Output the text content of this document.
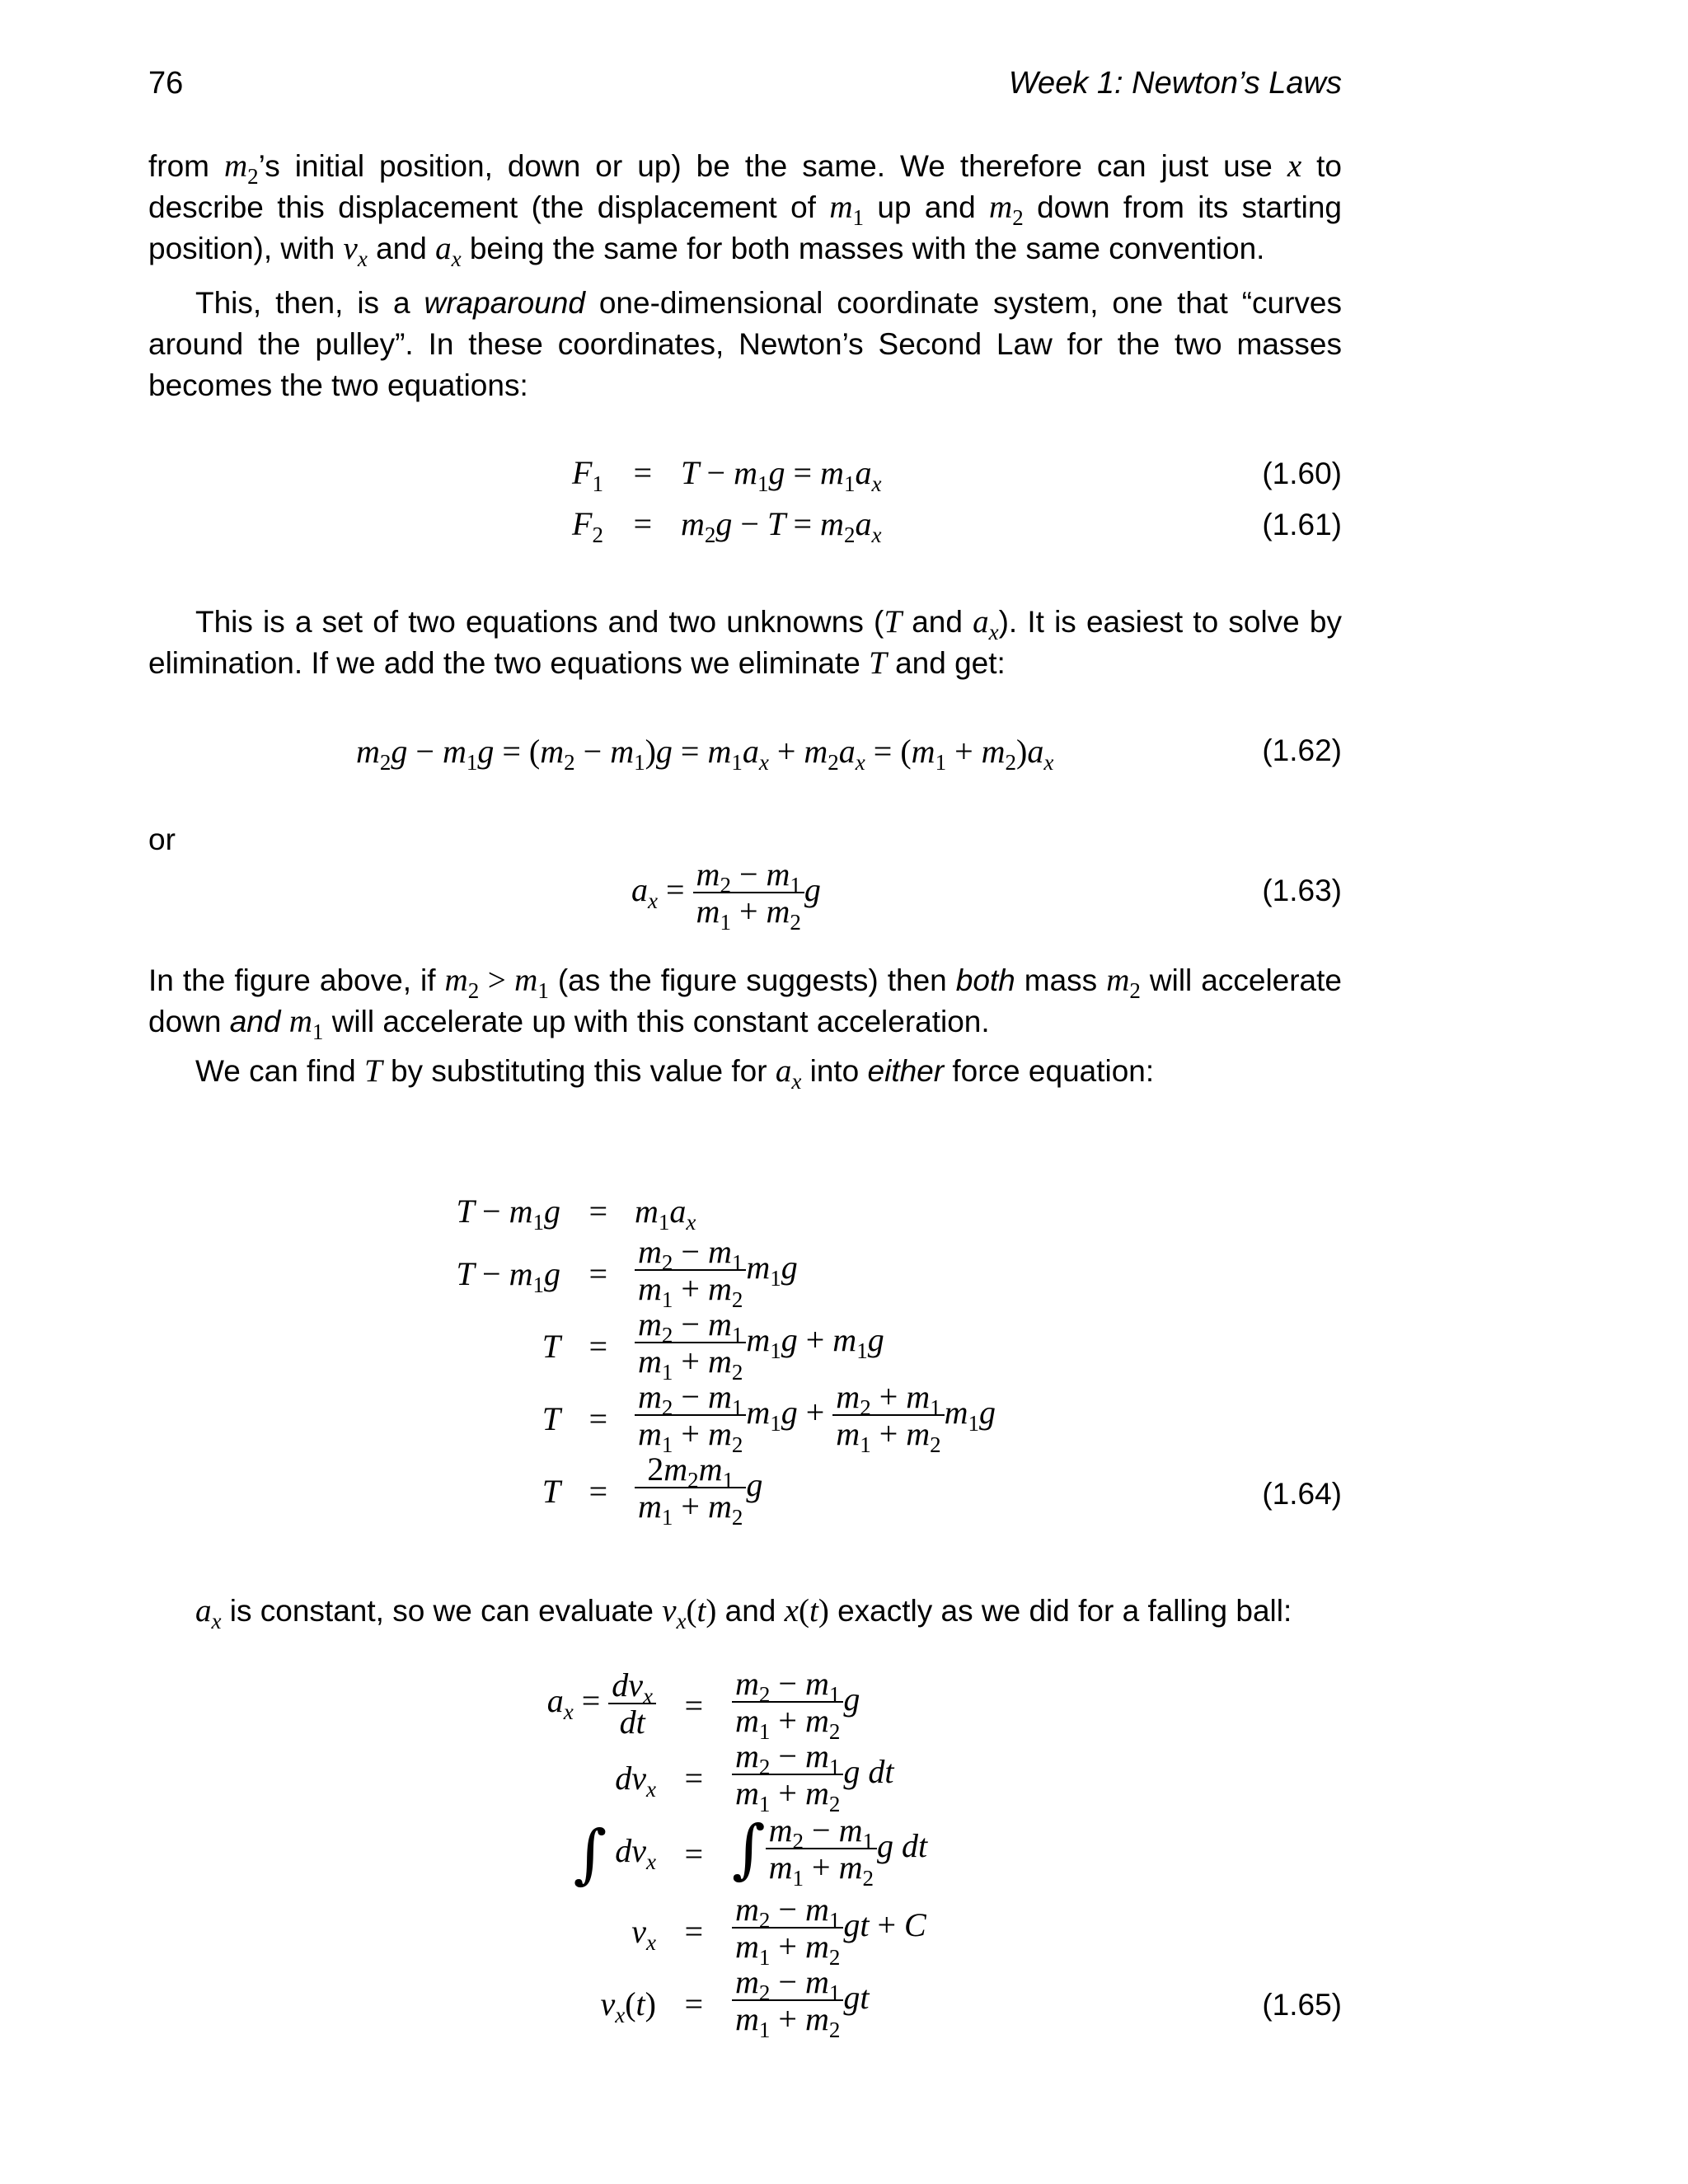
76	Week 1: Newton’s Laws
from $m_2’s$ initial position, down or up) be the same. We therefore can just use x to describe this displacement (the displacement of $m_1$ up and $m_2$ down from its starting position), with $v_x$ and $a_x$ being the same for both masses with the same convention.
This, then, is a wraparound one-dimensional coordinate system, one that “curves around the pulley”. In these coordinates, Newton’s Second Law for the two masses becomes the two equations:
$F_1 = T - m_1g = m_1a_x$	(1.60)
$F_2 = m_2g - T = m_2a_x$	(1.61)
This is a set of two equations and two unknowns (T and $a_x$). It is easiest to solve by elimination. If we add the two equations we eliminate T and get:
$m_2g - m_1g = (m_2 - m_1)g = m_1a_x + m_2a_x = (m_1 + m_2)a_x$	(1.62)
or
$a_x = \frac{m_2 - m_1}{m_1 + m_2}$ g	(1.63)
In the figure above, if $m_2 > m_1$ (as the figure suggests) then both mass $m_2$ will accelerate down and $m_1$ will accelerate up with this constant acceleration.
We can find T by substituting this value for $a_x$ into either force equation:
$T - m_1g = m_1a_x$
$T - m_1g = \frac{m_2 - m_1}{m_1 + m_2} m_1g$
$T = \frac{m_2 - m_1}{m_1 + m_2} m_1g + m_1g$
$T = \frac{m_2 - m_1}{m_1 + m_2} m_1g + \frac{m_2 + m_1}{m_1 + m_2} m_1g$
$T = \frac{2m_2m_1}{m_1 + m_2}$ g	(1.64)
$a_x$ is constant, so we can evaluate $v_x(t)$ and x(t) exactly as we did for a falling ball:
$a_x = \frac{dv_x}{dt} = \frac{m_2 - m_1}{m_1 + m_2}$ g
$dv_x = \frac{m_2 - m_1}{m_1 + m_2}$ g dt
∫ $dv_x$ = ∫ $\frac{m_2 - m_1}{m_1 + m_2}$ g dt
$v_x = \frac{m_2 - m_1}{m_1 + m_2}$ gt + C
$v_x(t) = \frac{m_2 - m_1}{m_1 + m_2}$ gt	(1.65)
